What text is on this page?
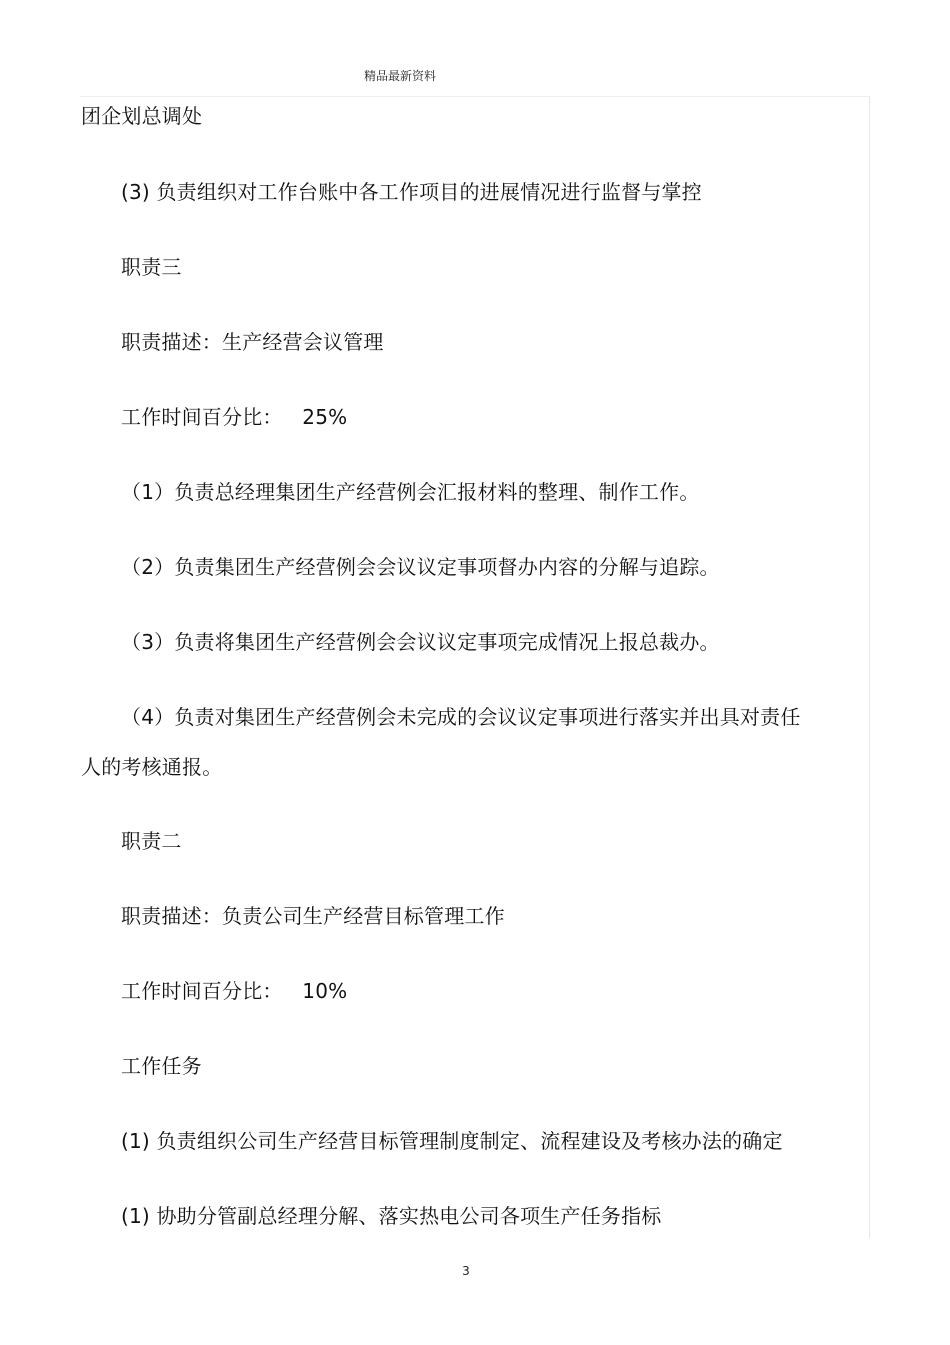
精品最新资料
团企划总调处
(3) 负责组织对工作台账中各工作项目的进展情况进行监督与掌控
职责三
职责描述：生产经营会议管理
工作时间百分比：   25%
（1）负责总经理集团生产经营例会汇报材料的整理、制作工作。
（2）负责集团生产经营例会会议议定事项督办内容的分解与追踪。
（3）负责将集团生产经营例会会议议定事项完成情况上报总裁办。
（4）负责对集团生产经营例会未完成的会议议定事项进行落实并出具对责任
人的考核通报。
职责二
职责描述：负责公司生产经营目标管理工作
工作时间百分比：   10%
工作任务
(1) 负责组织公司生产经营目标管理制度制定、流程建设及考核办法的确定
(1) 协助分管副总经理分解、落实热电公司各项生产任务指标
3
